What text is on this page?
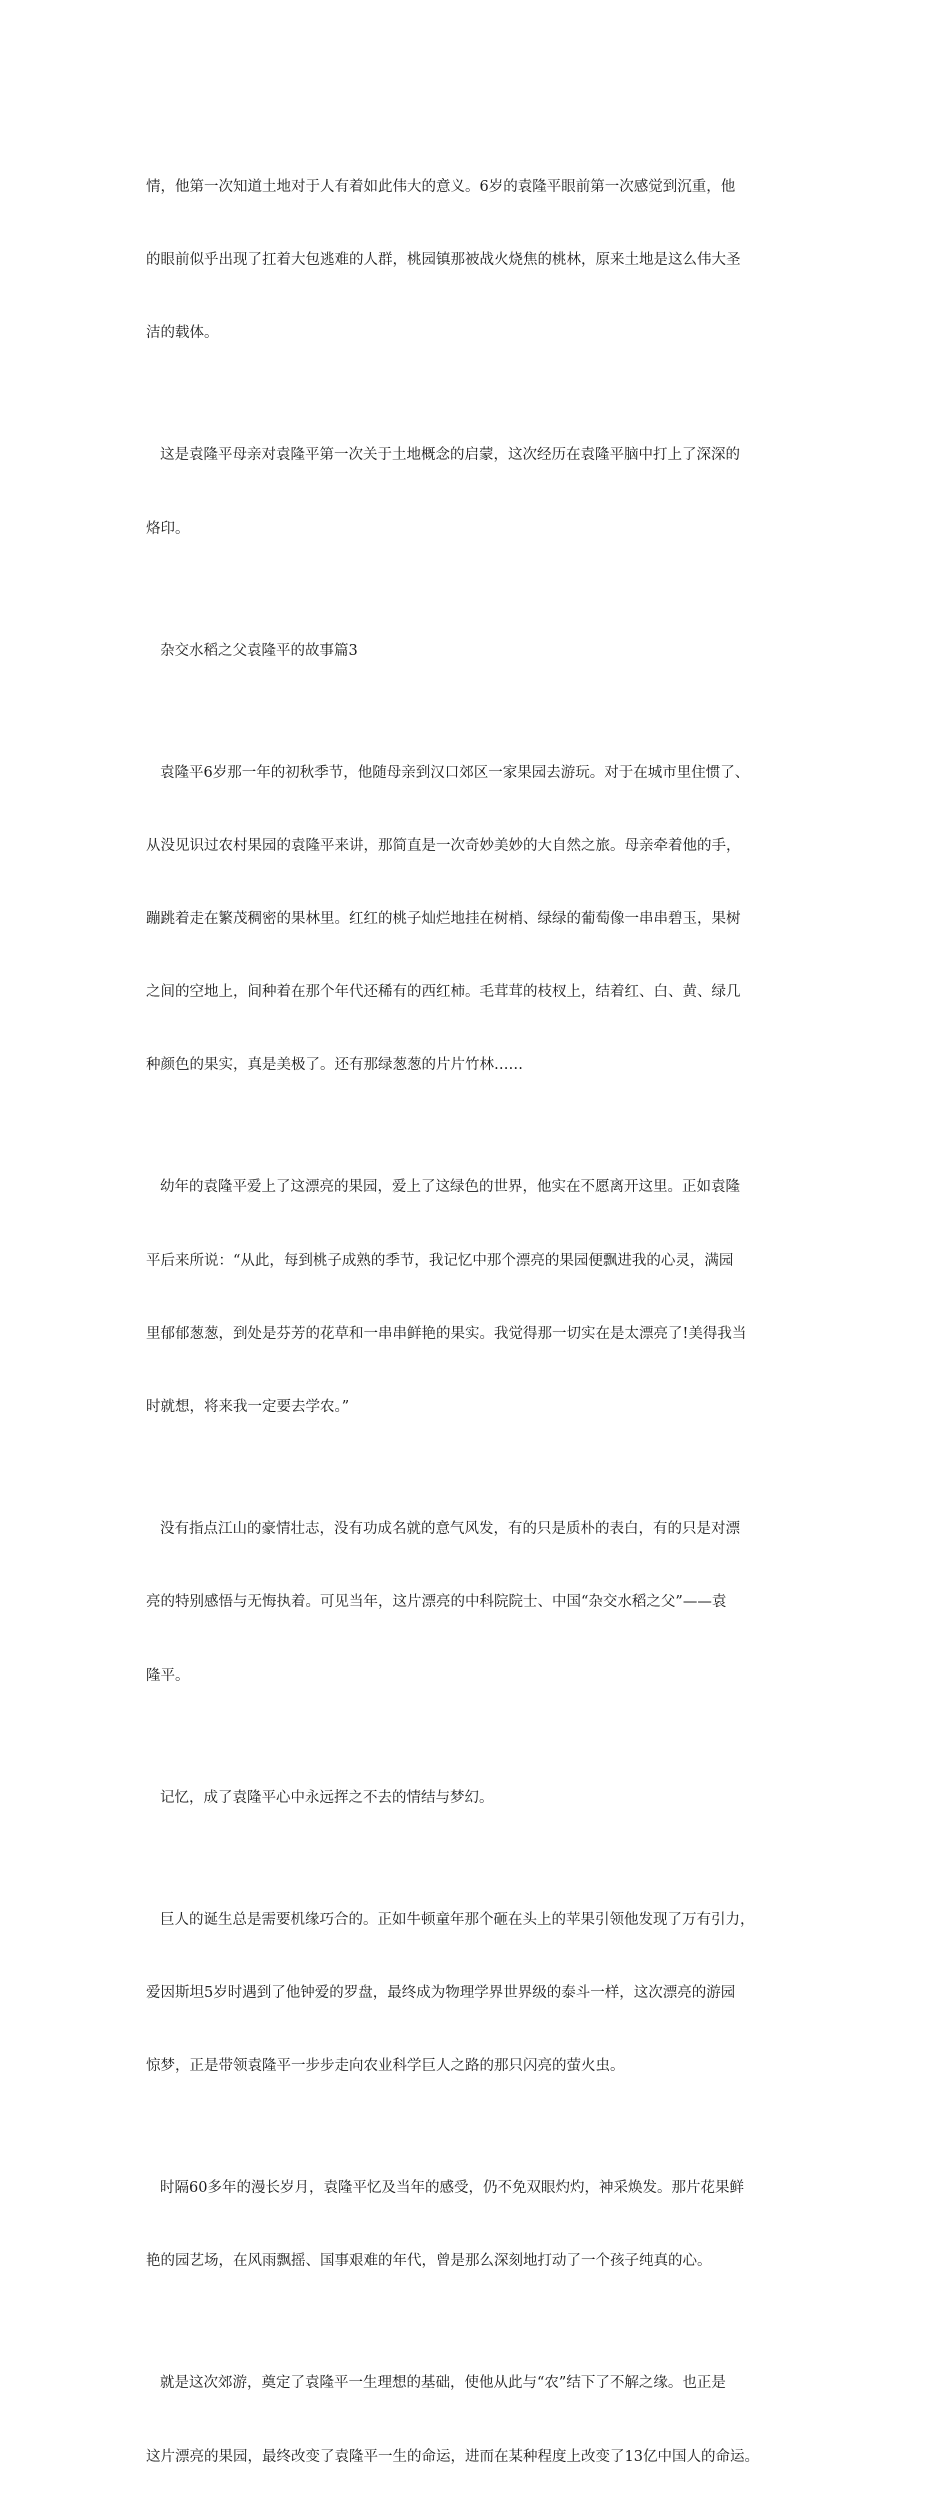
情，他第一次知道土地对于人有着如此伟大的意义。6岁的袁隆平眼前第一次感觉到沉重，他

的眼前似乎出现了扛着大包逃难的人群，桃园镇那被战火烧焦的桃林，原来土地是这么伟大圣

洁的载体。

这是袁隆平母亲对袁隆平第一次关于土地概念的启蒙，这次经历在袁隆平脑中打上了深深的

烙印。

杂交水稻之父袁隆平的故事篇3

袁隆平6岁那一年的初秋季节，他随母亲到汉口郊区一家果园去游玩。对于在城市里住惯了、

从没见识过农村果园的袁隆平来讲，那简直是一次奇妙美妙的大自然之旅。母亲牵着他的手，

蹦跳着走在繁茂稠密的果林里。红红的桃子灿烂地挂在树梢、绿绿的葡萄像一串串碧玉，果树

之间的空地上，间种着在那个年代还稀有的西红柿。毛茸茸的枝杈上，结着红、白、黄、绿几

种颜色的果实，真是美极了。还有那绿葱葱的片片竹林……

幼年的袁隆平爱上了这漂亮的果园，爱上了这绿色的世界，他实在不愿离开这里。正如袁隆

平后来所说：“从此，每到桃子成熟的季节，我记忆中那个漂亮的果园便飘进我的心灵，满园

里郁郁葱葱，到处是芬芳的花草和一串串鲜艳的果实。我觉得那一切实在是太漂亮了!美得我当

时就想，将来我一定要去学农。”

没有指点江山的豪情壮志，没有功成名就的意气风发，有的只是质朴的表白，有的只是对漂

亮的特别感悟与无悔执着。可见当年，这片漂亮的中科院院士、中国“杂交水稻之父”——袁

隆平。

记忆，成了袁隆平心中永远挥之不去的情结与梦幻。

巨人的诞生总是需要机缘巧合的。正如牛顿童年那个砸在头上的苹果引领他发现了万有引力，

爱因斯坦5岁时遇到了他钟爱的罗盘，最终成为物理学界世界级的泰斗一样，这次漂亮的游园

惊梦，正是带领袁隆平一步步走向农业科学巨人之路的那只闪亮的萤火虫。

时隔60多年的漫长岁月，袁隆平忆及当年的感受，仍不免双眼灼灼，神采焕发。那片花果鲜

艳的园艺场，在风雨飘摇、国事艰难的年代，曾是那么深刻地打动了一个孩子纯真的心。

就是这次郊游，奠定了袁隆平一生理想的基础，使他从此与“农”结下了不解之缘。也正是

这片漂亮的果园，最终改变了袁隆平一生的命运，进而在某种程度上改变了13亿中国人的命运。
